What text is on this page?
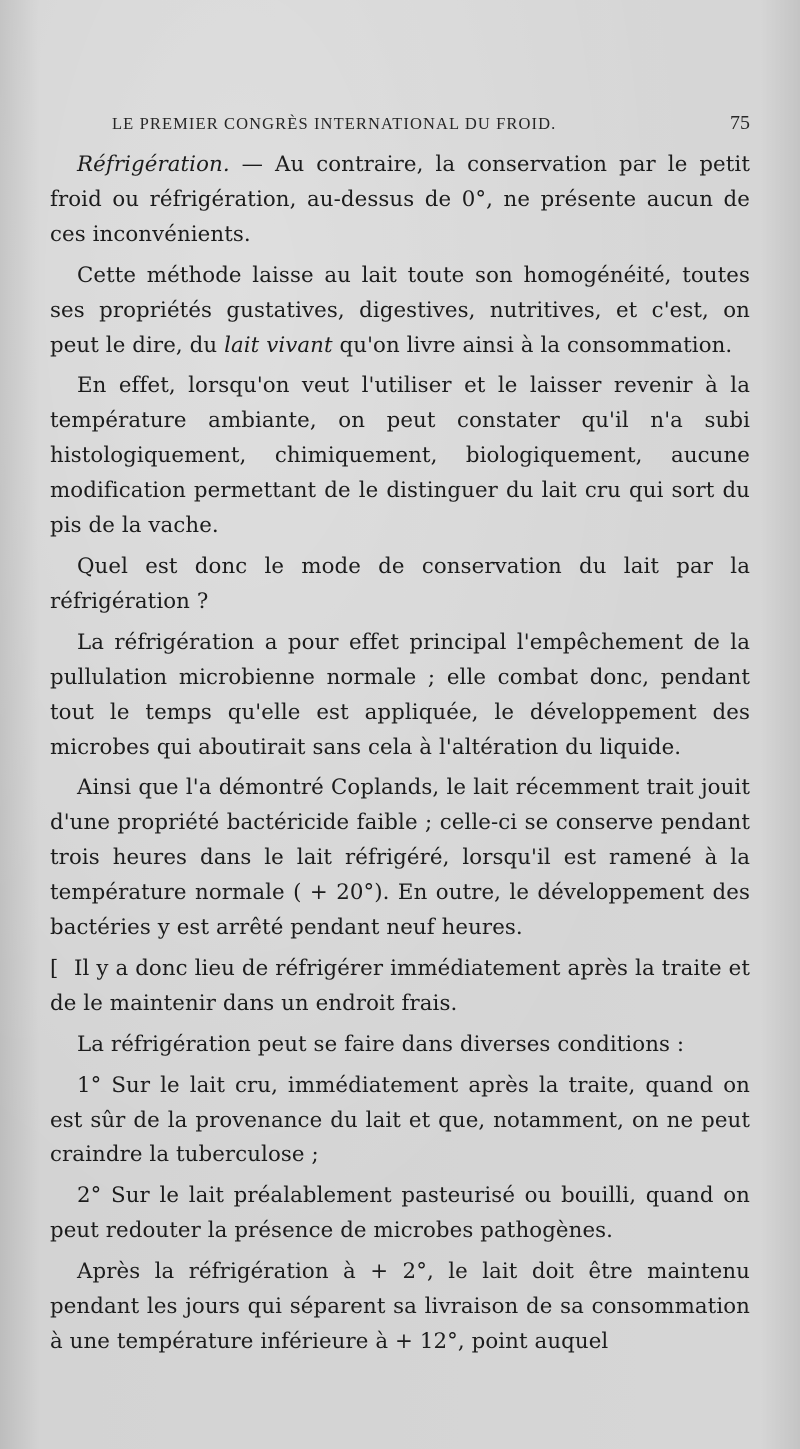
LE PREMIER CONGRÈS INTERNATIONAL DU FROID.	75

Réfrigération. — Au contraire, la conservation par le petit froid ou réfrigération, au-dessus de 0°, ne présente aucun de ces inconvénients.

Cette méthode laisse au lait toute son homogénéité, toutes ses propriétés gustatives, digestives, nutritives, et c'est, on peut le dire, du lait vivant qu'on livre ainsi à la consommation.

En effet, lorsqu'on veut l'utiliser et le laisser revenir à la température ambiante, on peut constater qu'il n'a subi histologiquement, chimiquement, biologiquement, aucune modification permettant de le distinguer du lait cru qui sort du pis de la vache.

Quel est donc le mode de conservation du lait par la réfrigération ?

La réfrigération a pour effet principal l'empêchement de la pullulation microbienne normale ; elle combat donc, pendant tout le temps qu'elle est appliquée, le développement des microbes qui aboutirait sans cela à l'altération du liquide.

Ainsi que l'a démontré Coplands, le lait récemment trait jouit d'une propriété bactéricide faible ; celle-ci se conserve pendant trois heures dans le lait réfrigéré, lorsqu'il est ramené à la température normale ( + 20°). En outre, le développement des bactéries y est arrêté pendant neuf heures.

[ Il y a donc lieu de réfrigérer immédiatement après la traite et de le maintenir dans un endroit frais.

La réfrigération peut se faire dans diverses conditions :

1° Sur le lait cru, immédiatement après la traite, quand on est sûr de la provenance du lait et que, notamment, on ne peut craindre la tuberculose ;

2° Sur le lait préalablement pasteurisé ou bouilli, quand on peut redouter la présence de microbes pathogènes.

Après la réfrigération à + 2°, le lait doit être maintenu pendant les jours qui séparent sa livraison de sa consommation à une température inférieure à + 12°, point auquel
